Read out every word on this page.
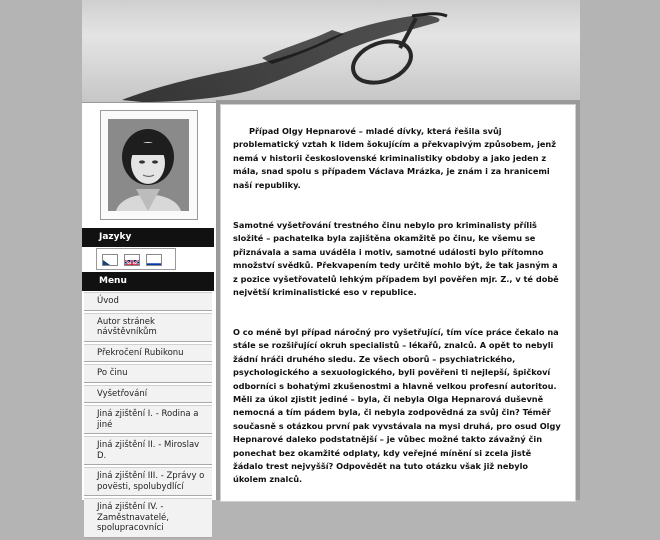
Jazyky
Menu
Úvod
Autor stránek návštěvníkům
Překročení Rubikonu
Po činu
Vyšetřování
Jiná zjištění I. - Rodina a jiné
Jiná zjištění II. - Miroslav D.
Jiná zjištění III. - Zprávy o povësti, spolubydlící
Jiná zjištění IV. - Zaměstnavatelé, spolupracovníci

Případ Olgy Hepnarové – mladé dívky, která řešila svůj problematický vztah k lidem šokujícím a překvapivým způsobem, jenž nemá v historii československé kriminalistiky obdoby a jako jeden z mála, snad spolu s případem Václava Mrázka, je znám i za hranicemi naší republiky.

Samotné vyšetřování trestného činu nebylo pro kriminalisty příliš složité – pachatelka byla zajištěna okamžitě po činu, ke všemu se přiznávala a sama uváděla i motiv, samotné události bylo přítomno množství svědků. Překvapením tedy určitě mohlo být, že tak jasným a z pozice vyšetřovatelů lehkým případem byl pověřen mjr. Z., v té době největší kriminalistické eso v republice.

O co méně byl případ náročný pro vyšetřující, tím více práce čekalo na stále se rozšiřující okruh specialistů – lékařů, znalců. A opět to nebyli žádní hráči druhého sledu. Ze všech oborů – psychiatrického, psychologického a sexuologického, byli pověřeni ti nejlepší, špičkoví odborníci s bohatými zkušenostmi a hlavně velkou profesní autoritou. Měli za úkol zjistit jediné – byla, či nebyla Olga Hepnarová duševně nemocná a tím pádem byla, či nebyla zodpovědná za svůj čin? Téměř současně s otázkou první pak vyvstávala na mysi druhá, pro osud Olgy Hepnarové daleko podstatnější – je vůbec možné takto závažný čin ponechat bez okamžité odplaty, kdy veřejné mínění si zcela jistě žádalo trest nejvyšší? Odpovědět na tuto otázku však již nebylo úkolem znalců.
